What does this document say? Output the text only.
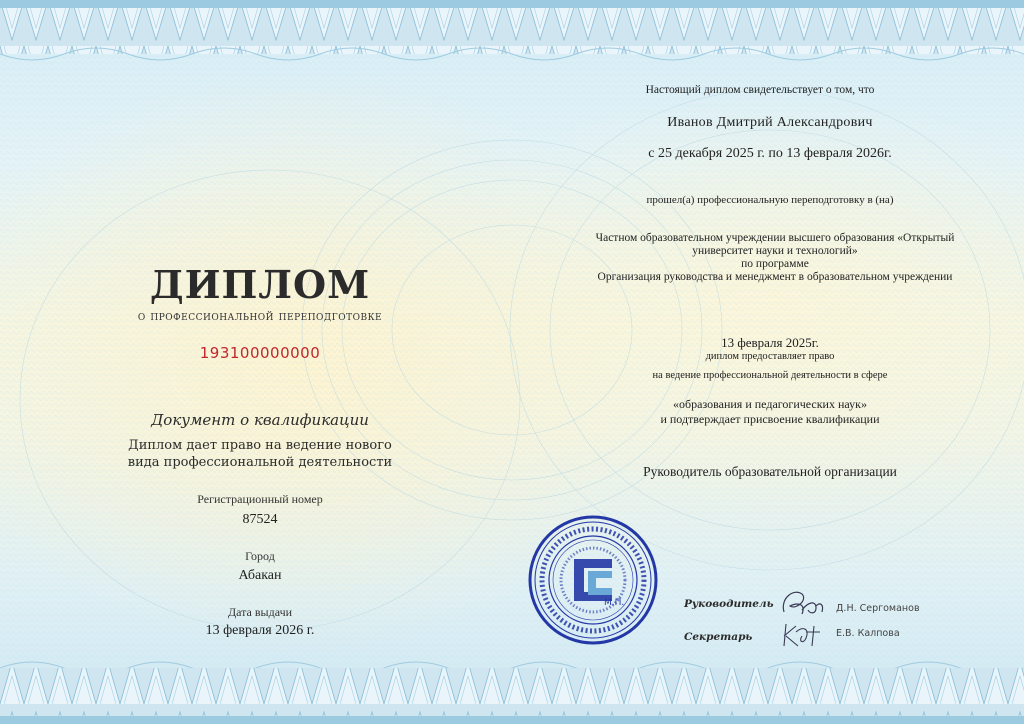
ДИПЛОМ
о профессиональной переподготовке
193100000000
Документ о квалификации
Диплом дает право на ведение нового
вида профессиональной деятельности
Регистрационный номер
87524
Город
Абакан
Дата выдачи
13 февраля 2026 г.
Настоящий диплом свидетельствует о том, что
Иванов Дмитрий Александрович
с 25 декабря 2025 г. по 13 февраля 2026г.
прошел(а) профессиональную переподготовку в (на)
Частном образовательном учреждении высшего образования «Открытый
университет науки и технологий»
по программе
Организация руководства и менеджмент в образовательном учреждении
13 февраля 2025г.
диплом предоставляет право
на ведение профессиональной деятельности в сфере
«образования и педагогических наук»
и подтверждает присвоение квалификации
Руководитель образовательной организации
М.П.	Руководитель
Секретарь
Д.Н. Сергоманов
Е.В. Калпова
